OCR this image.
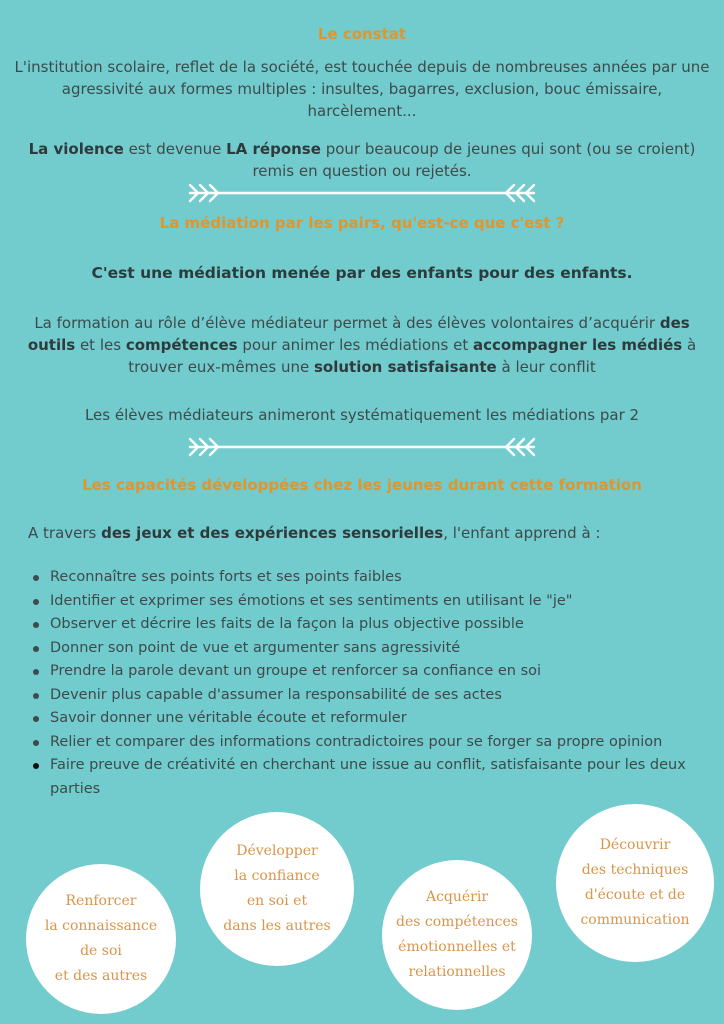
Le constat
L'institution scolaire, reflet de la société, est touchée depuis de nombreuses années par une agressivité aux formes multiples : insultes, bagarres, exclusion, bouc émissaire, harcèlement...
La violence est devenue LA réponse pour beaucoup de jeunes qui sont (ou se croient) remis en question ou rejetés.
La médiation par les pairs, qu'est-ce que c'est ?
C'est une médiation menée par des enfants pour des enfants.
La formation au rôle d’élève médiateur permet à des élèves volontaires d’acquérir des outils et les compétences pour animer les médiations et accompagner les médiés à trouver eux-mêmes une solution satisfaisante à leur conflit
Les élèves médiateurs animeront systématiquement les médiations par 2
Les capacités développées chez les jeunes durant cette formation
A travers des jeux et des expériences sensorielles, l'enfant apprend à :
Reconnaître ses points forts et ses points faibles
Identifier et exprimer ses émotions et ses sentiments en utilisant le "je"
Observer et décrire les faits de la façon la plus objective possible
Donner son point de vue et argumenter sans agressivité
Prendre la parole devant un groupe et renforcer sa confiance en soi
Devenir plus capable d'assumer la responsabilité de ses actes
Savoir donner une véritable écoute et reformuler
Relier et comparer des informations contradictoires pour se forger sa propre opinion
Faire preuve de créativité en cherchant une issue au conflit, satisfaisante pour les deux parties
Renforcer
la connaissance
de soi
et des autres
Développer
la confiance
en soi et
dans les autres
Acquérir
des compétences
émotionnelles et
relationnelles
Découvrir
des techniques
d'écoute et de
communication
